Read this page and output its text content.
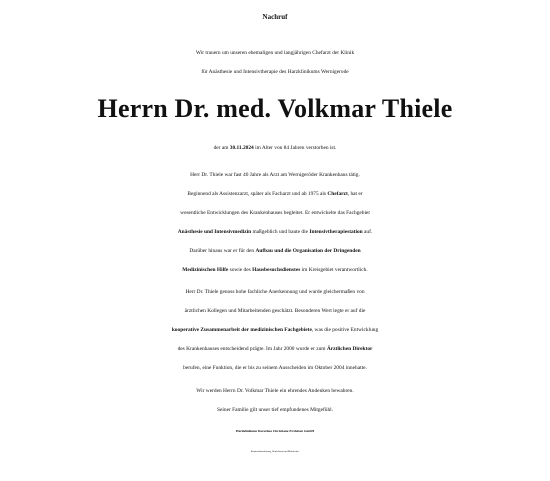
Nachruf
Wir trauern um unseren ehemaligen und langjährigen Chefarzt der Klinik
für Anästhesie und Intensivtherapie des Harzklinikums Wernigerode
Herrn Dr. med. Volkmar Thiele
der am 30.11.2024 im Alter von 84 Jahren verstorben ist.
Herr Dr. Thiele war fast 40 Jahre als Arzt am Wernigeröder Krankenhaus tätig.
Beginnend als Assistenzarzt, später als Facharzt und ab 1975 als Chefarzt, hat er
wesentliche Entwicklungen des Krankenhauses begleitet. Er entwickelte das Fachgebiet
Anästhesie und Intensivmedizin maßgeblich und baute die Intensivtherapiestation auf.
Darüber hinaus war er für den Aufbau und die Organisation der Dringenden
Medizinischen Hilfe sowie des Hausbesuchsdienstes im Kreisgebiet verantwortlich.
Herr Dr. Thiele genoss hohe fachliche Anerkennung und wurde gleichermaßen von
ärztlichen Kollegen und Mitarbeitenden geschätzt. Besonderen Wert legte er auf die
kooperative Zusammenarbeit der medizinischen Fachgebiete, was die positive Entwicklung
des Krankenhauses entscheidend prägte. Im Jahr 2000 wurde er zum Ärztlichen Direktor
berufen, eine Funktion, die er bis zu seinem Ausscheiden im Oktober 2004 innehatte.
Wir werden Herrn Dr. Volkmar Thiele ein ehrendes Andenken bewahren.
Seiner Familie gilt unser tief empfundenes Mitgefühl.
Harzklinikum Dorothea Christiane Erxleben GmbH
Krankenhausleitung, Betriebsrat und Mitarbeiter
